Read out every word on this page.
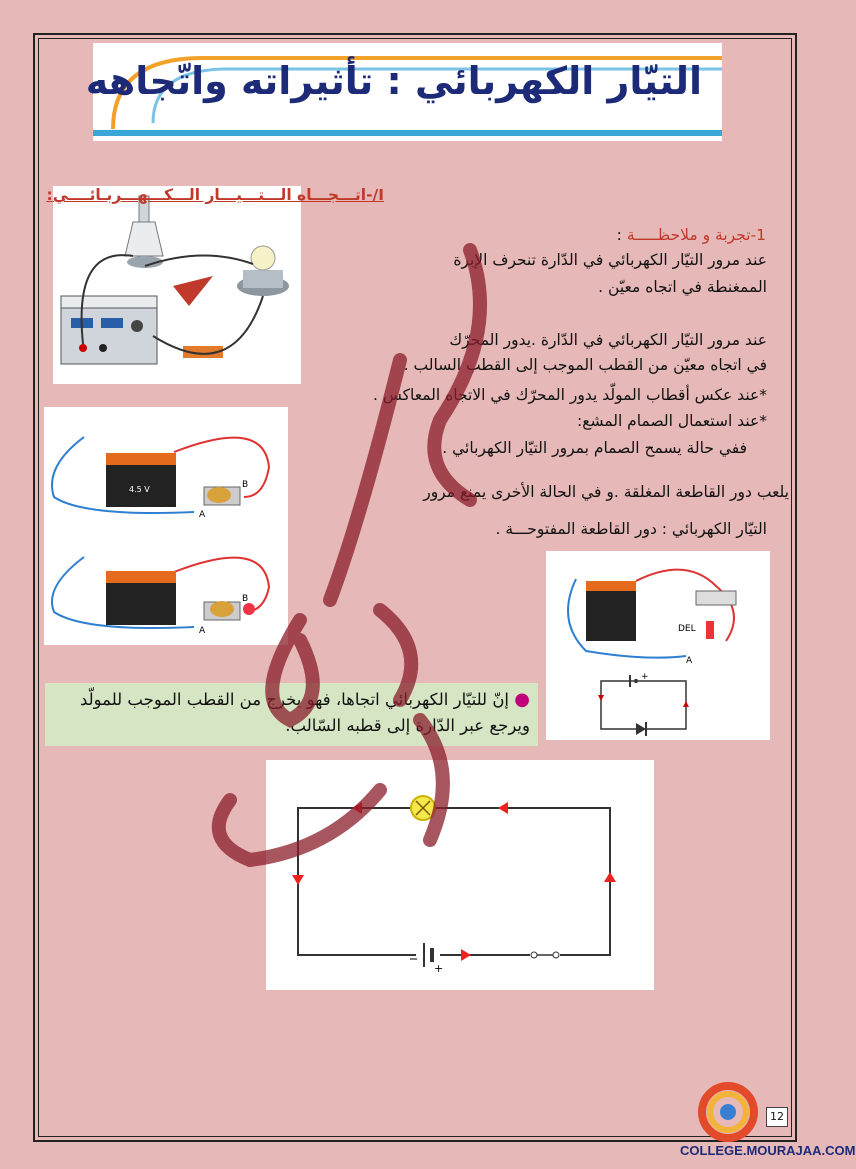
التيّار الكهربائي : تأثيراته واتّجاهه
4.5 V
A
B
A
B
DEL
A
+
I/-اتـــجـــاه الـــتـــيـــار الـــكـــهـــربـائــــي:
1-تجربة و ملاحظـــــة :
عند مرور التيّار الكهربائي في الدّارة تنحرف الإبرة
الممغنطة في اتجاه معيّن .
عند مرور التيّار الكهربائي في الدّارة .يدور المحرّك
في اتجاه معيّن من القطب الموجب إلى القطب السالب .
*عند عكس أقطاب المولّد يدور المحرّك في الاتجاه المعاكس .
*عند استعمال الصمام المشع:
ففي حالة يسمح الصمام بمرور التيّار الكهربائي .
يلعب دور القاطعة المغلقة .و في الحالة الأخرى يمنع مرور
التيّار الكهربائي : دور القاطعة المفتوحـــة .
● إنّ للتيّار الكهربائي اتجاها، فهو يخرج من القطب الموجب للمولّد ويرجع عبر الدّارة إلى قطبه السّالب.
_
+
12
COLLEGE.MOURAJAA.COM
